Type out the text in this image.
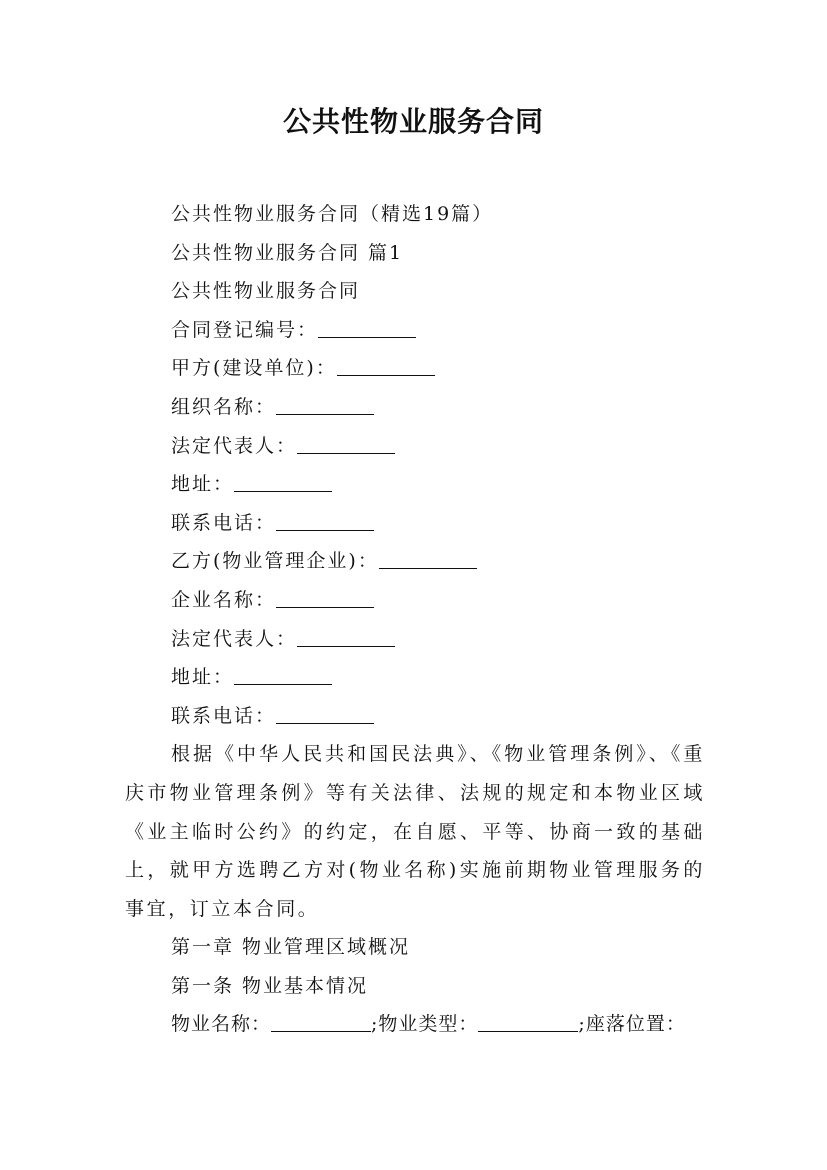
公共性物业服务合同
公共性物业服务合同（精选19篇）
公共性物业服务合同 篇1
公共性物业服务合同
合同登记编号：
甲方(建设单位)：
组织名称：
法定代表人：
地址：
联系电话：
乙方(物业管理企业)：
企业名称：
法定代表人：
地址：
联系电话：
根据《中华人民共和国民法典》、《物业管理条例》、《重庆市物业管理条例》等有关法律、法规的规定和本物业区域《业主临时公约》的约定，在自愿、平等、协商一致的基础上，就甲方选聘乙方对(物业名称)实施前期物业管理服务的事宜，订立本合同。
第一章 物业管理区域概况
第一条 物业基本情况
物业名称：	;物业类型：	;座落位置：
